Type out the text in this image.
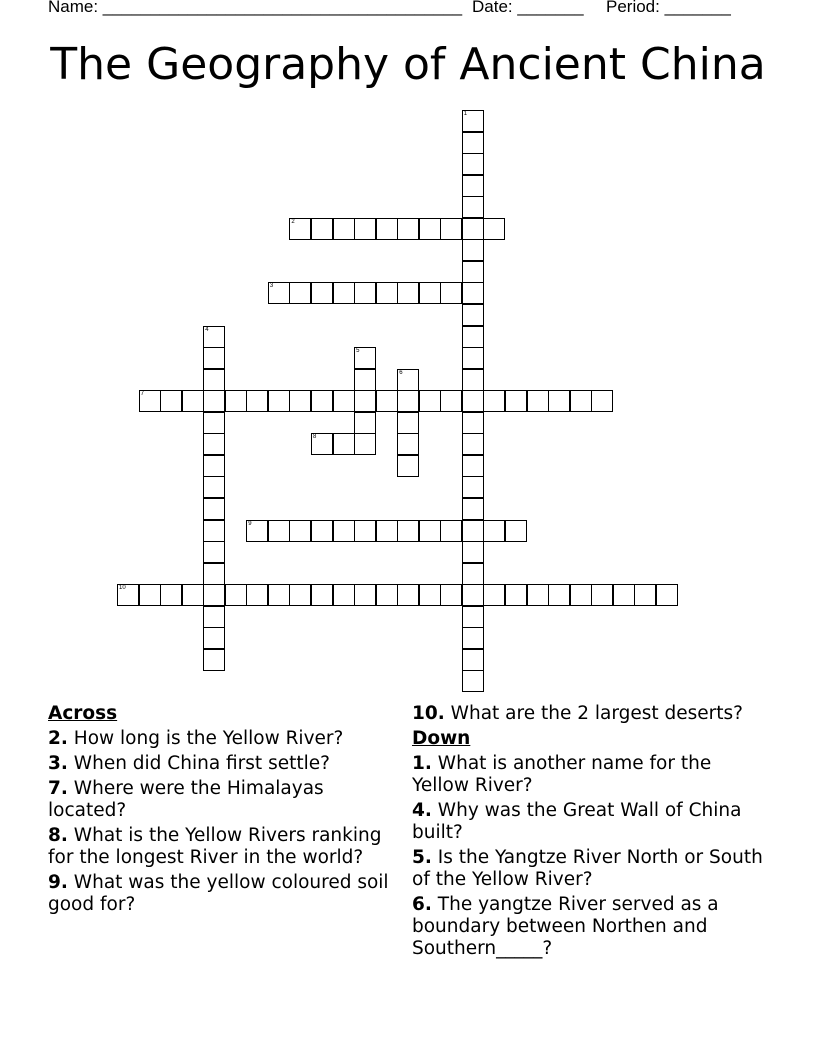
Name: ______________________________________

Date: _______

Period: _______

The Geography of Ancient China
1
2
3
4
5
6
7
8
9
10
Across
2. How long is the Yellow River?
3. When did China first settle?
7. Where were the Himalayas located?
8. What is the Yellow Rivers ranking for the longest River in the world?
9. What was the yellow coloured soil good for?
10. What are the 2 largest deserts?
Down
1. What is another name for the Yellow River?
4. Why was the Great Wall of China built?
5. Is the Yangtze River North or South of the Yellow River?
6. The yangtze River served as a boundary between Northen and Southern_____?
